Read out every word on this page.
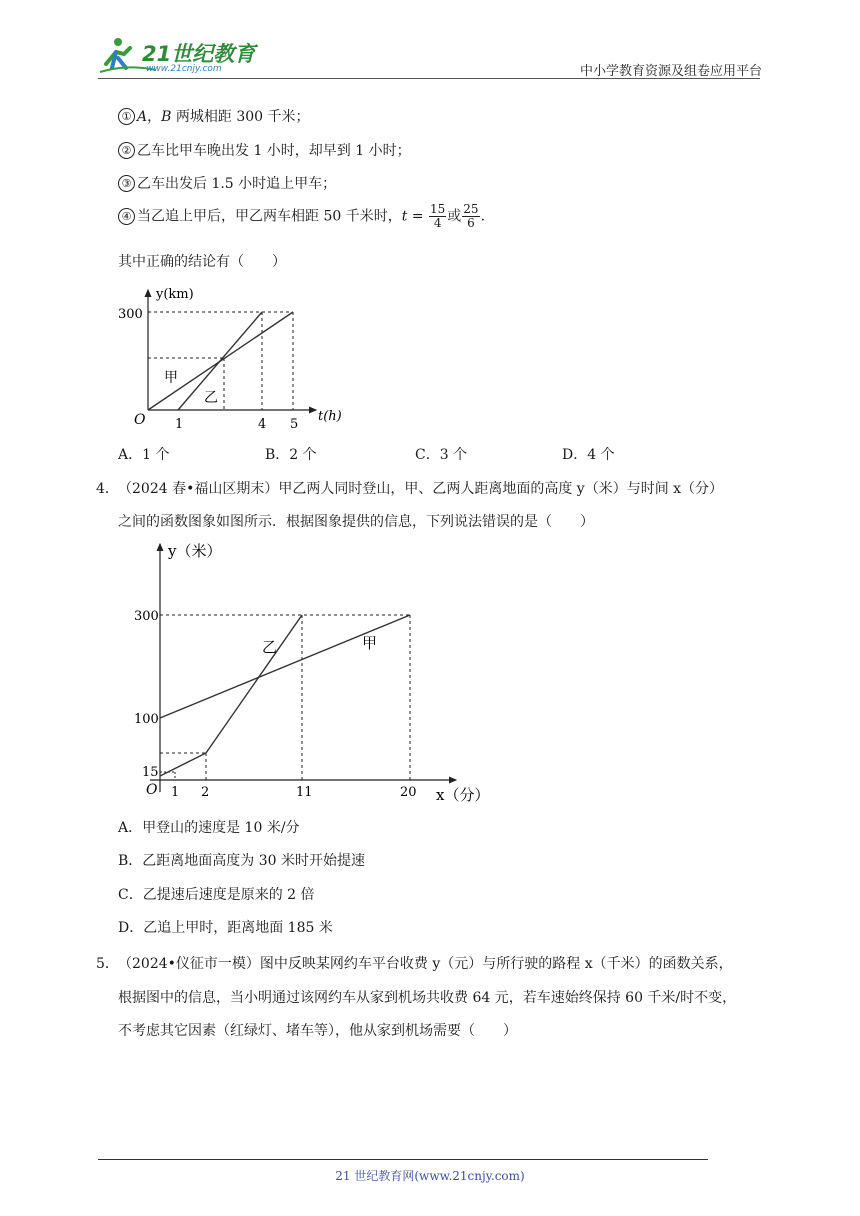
21世纪教育
www.21cnjy.com	中小学教育资源及组卷应用平台
① A，B 两城相距 300 千米；
② 乙车比甲车晚出发 1 小时，却早到 1 小时；
③ 乙车出发后 1.5 小时追上甲车；
④ 当乙追上甲后，甲乙两车相距 50 千米时，$t = \frac{15}{4}$ 或 $\frac{25}{6}$ .
其中正确的结论有（　　）
y(km)
t(h)
O
300
1	4 5
甲
乙
A．1 个	B．2 个	C．3 个	D．4 个
4． （2024 春•福山区期末）甲乙两人同时登山，甲、乙两人距离地面的高度 y（米）与时间 x（分）
之间的函数图象如图所示．根据图象提供的信息，下列说法错误的是（　　）
y（米）
x（分）
O
300
100
15
1 2	11	20
乙	甲
A．甲登山的速度是 10 米/分
B．乙距离地面高度为 30 米时开始提速
C．乙提速后速度是原来的 2 倍
D．乙追上甲时，距离地面 185 米
5． （2024•仪征市一模）图中反映某网约车平台收费 y（元）与所行驶的路程 x（千米）的函数关系，
根据图中的信息，当小明通过该网约车从家到机场共收费 64 元，若车速始终保持 60 千米/时不变，
不考虑其它因素（红绿灯、堵车等），他从家到机场需要（　　）
21 世纪教育网(www.21cnjy.com)
